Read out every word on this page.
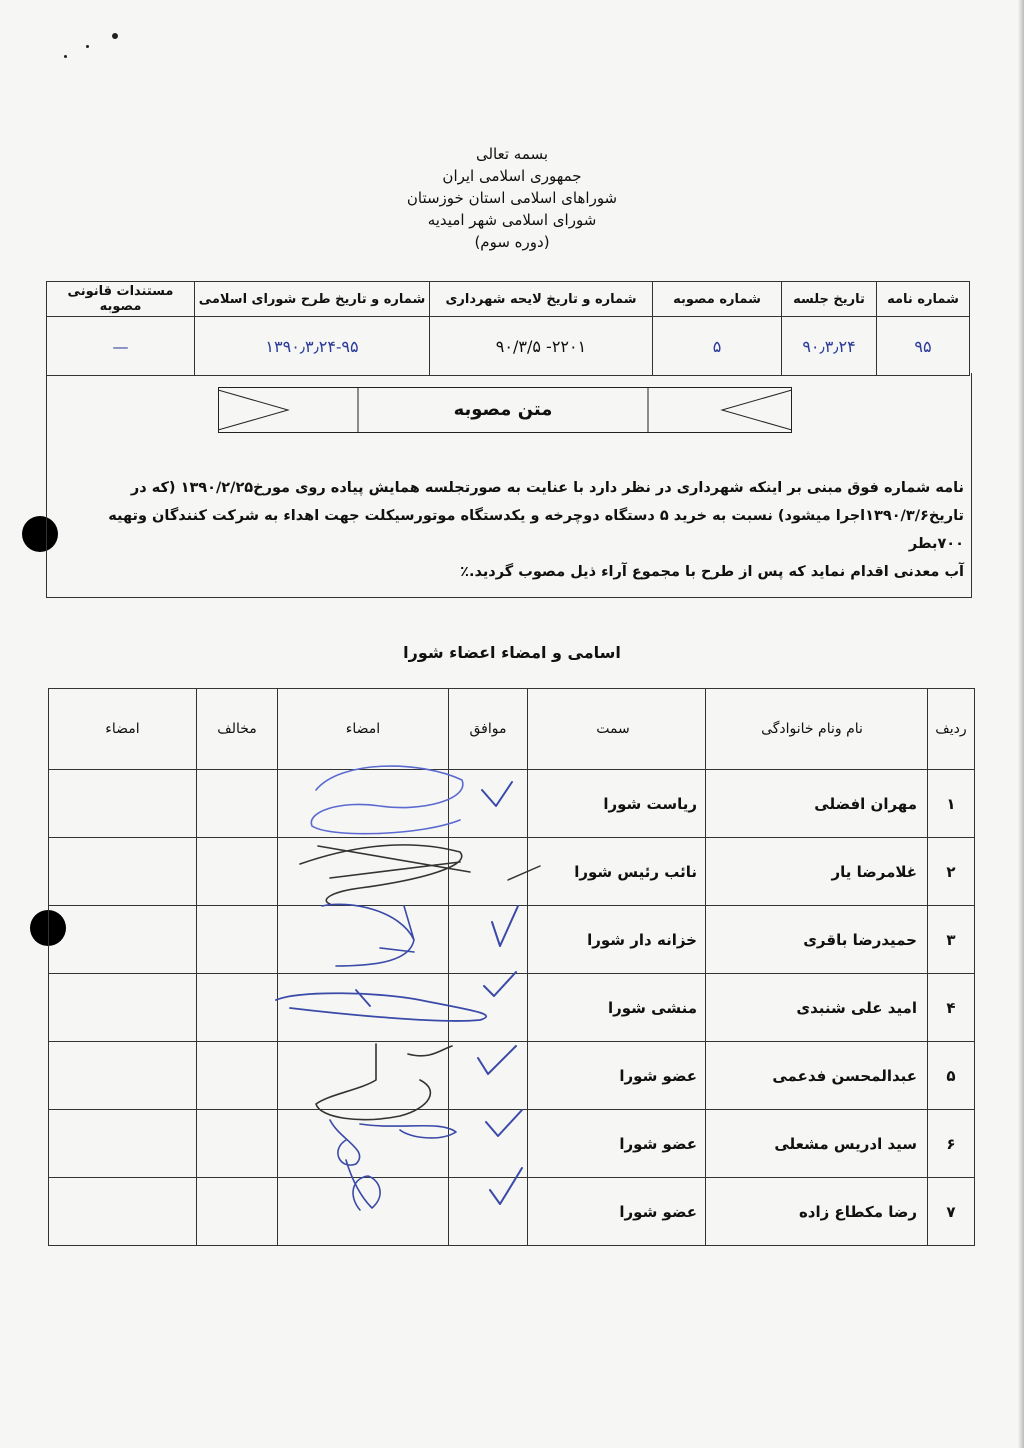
بسمه تعالی
جمهوری اسلامی ایران
شوراهای اسلامی استان خوزستان
شورای اسلامی شهر امیدیه
(دوره سوم)
شماره نامه	تاریخ جلسه	شماره مصوبه	شماره و تاریخ لایحه شهرداری	شماره و تاریخ طرح شورای اسلامی	مستندات قانونی مصوبه
۹۵	۹۰٫۳٫۲۴	۵	۲۲۰۱- ۹۰/۳/۵	۱۳۹۰٫۳٫۲۴-۹۵	—
متن مصوبه
نامه شماره فوق مبنی بر اینکه شهرداری در نظر دارد با عنایت به صورتجلسه همایش پیاده روی مورخ۱۳۹۰/۲/۲۵ (که در
تاریخ۱۳۹۰/۳/۶اجرا میشود) نسبت به خرید ۵ دستگاه دوچرخه و یکدستگاه موتورسیکلت جهت اهداء به شرکت کنندگان وتهیه ۷۰۰بطر
آب معدنی اقدام نماید که پس از طرح با مجموع آراء ذیل مصوب گردید.٪
اسامی و امضاء اعضاء شورا
ردیف	نام ونام خانوادگی	سمت	موافق	امضاء	مخالف	امضاء
۱	مهران افضلی	ریاست شورا				
۲	غلامرضا یار	نائب رئیس شورا				
۳	حمیدرضا باقری	خزانه دار شورا				
۴	امید علی شنبدی	منشی شورا				
۵	عبدالمحسن فدعمی	عضو شورا				
۶	سید ادریس مشعلی	عضو شورا				
۷	رضا مکطاع زاده	عضو شورا				
